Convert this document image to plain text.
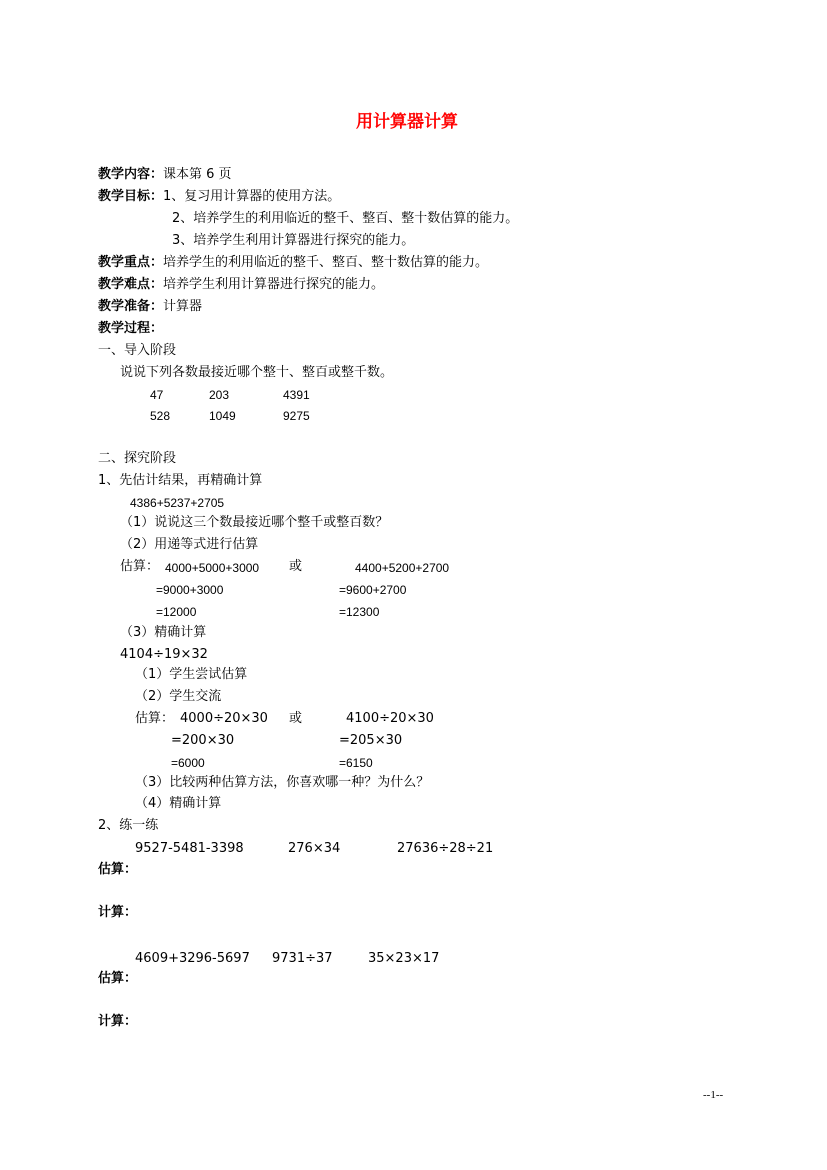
用计算器计算
教学内容：课本第 6 页
教学目标：1、复习用计算器的使用方法。
2、培养学生的利用临近的整千、整百、整十数估算的能力。
3、培养学生利用计算器进行探究的能力。
教学重点：培养学生的利用临近的整千、整百、整十数估算的能力。
教学难点：培养学生利用计算器进行探究的能力。
教学准备：计算器
教学过程：
一、导入阶段
说说下列各数最接近哪个整十、整百或整千数。
47	203	4391
528	1049	9275
二、探究阶段
1、先估计结果，再精确计算
4386+5237+2705
（1）说说这三个数最接近哪个整千或整百数？
（2）用递等式进行估算
估算： 4000+5000+3000 或	4400+5200+2700
=9000+3000	=9600+2700
=12000	=12300
（3）精确计算
4104÷19×32
（1）学生尝试估算
（2）学生交流
估算： 4000÷20×30 或	4100÷20×30
=200×30	=205×30
=6000	=6150
（3）比较两种估算方法，你喜欢哪一种？为什么？
（4）精确计算
2、练一练
9527-5481-3398	276×34	27636÷28÷21
估算：
计算：
4609+3296-5697 9731÷37	35×23×17
估算：
计算：
--1--
